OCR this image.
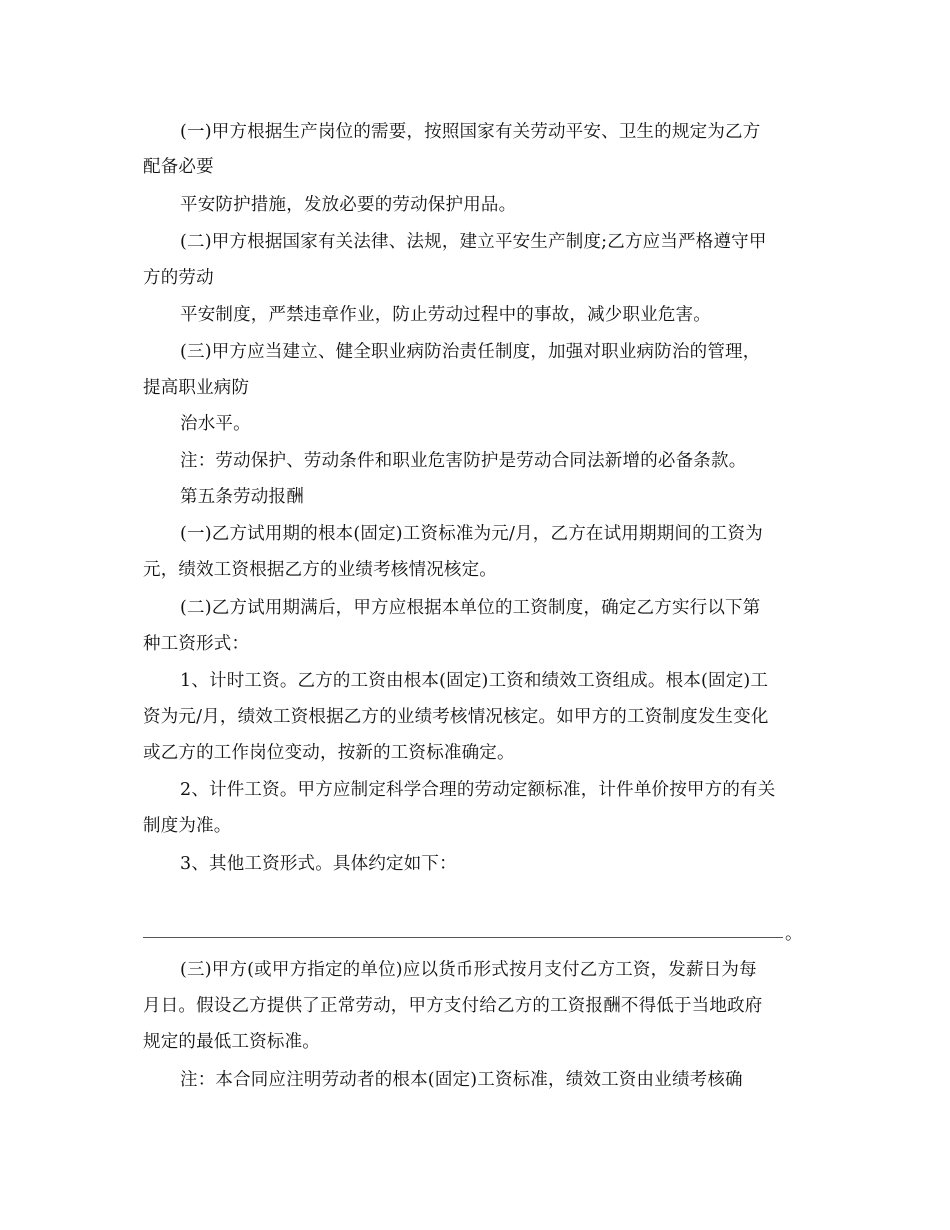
(一)甲方根据生产岗位的需要，按照国家有关劳动平安、卫生的规定为乙方

配备必要

平安防护措施，发放必要的劳动保护用品。

(二)甲方根据国家有关法律、法规，建立平安生产制度;乙方应当严格遵守甲

方的劳动

平安制度，严禁违章作业，防止劳动过程中的事故，减少职业危害。

(三)甲方应当建立、健全职业病防治责任制度，加强对职业病防治的管理，

提高职业病防

治水平。

注：劳动保护、劳动条件和职业危害防护是劳动合同法新增的必备条款。

第五条劳动报酬

(一)乙方试用期的根本(固定)工资标准为元/月，乙方在试用期期间的工资为

元，绩效工资根据乙方的业绩考核情况核定。

(二)乙方试用期满后，甲方应根据本单位的工资制度，确定乙方实行以下第

种工资形式：

1、计时工资。乙方的工资由根本(固定)工资和绩效工资组成。根本(固定)工

资为元/月，绩效工资根据乙方的业绩考核情况核定。如甲方的工资制度发生变化

或乙方的工作岗位变动，按新的工资标准确定。

2、计件工资。甲方应制定科学合理的劳动定额标准，计件单价按甲方的有关

制度为准。

3、其他工资形式。具体约定如下：

。

(三)甲方(或甲方指定的单位)应以货币形式按月支付乙方工资，发薪日为每

月日。假设乙方提供了正常劳动，甲方支付给乙方的工资报酬不得低于当地政府

规定的最低工资标准。

注：本合同应注明劳动者的根本(固定)工资标准，绩效工资由业绩考核确
